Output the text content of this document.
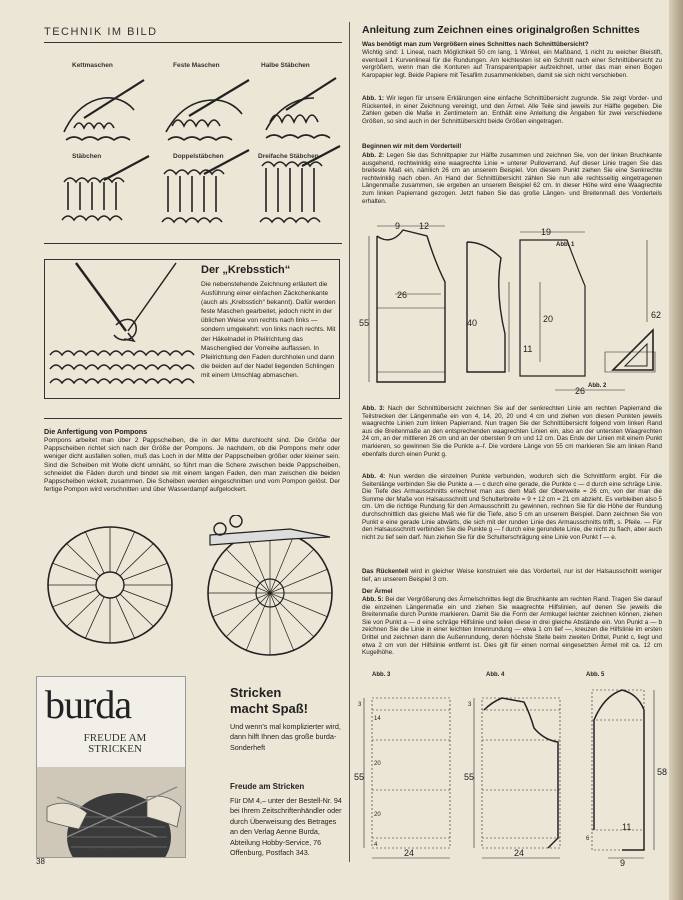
TECHNIK IM BILD
Kettmaschen	Feste Maschen	Halbe Stäbchen
Stäbchen	Doppelstäbchen	Dreifache Stäbchen
Der „Krebsstich“
Die nebenstehende Zeichnung erläutert die Ausführung einer einfachen Zäckchenkante (auch als „Krebsstich“ bekannt). Dafür werden feste Maschen gearbeitet, jedoch nicht in der üblichen Weise von rechts nach links — sondern umgekehrt: von links nach rechts. Mit der Häkelnadel in Pfeilrichtung das Maschenglied der Vorreihe auffassen. In Pfeilrichtung den Faden durchholen und dann die beiden auf der Nadel liegenden Schlingen mit einem Umschlag abmaschen.
Die Anfertigung von Pompons
Pompons arbeitet man über 2 Pappscheiben, die in der Mitte durchlocht sind. Die Größe der Pappscheiben richtet sich nach der Größe der Pompons. Je nachdem, ob die Pompons mehr oder weniger dicht ausfallen sollen, muß das Loch in der Mitte der Pappscheiben größer oder kleiner sein. Sind die Scheiben mit Wolle dicht umnäht, so führt man die Schere zwischen beide Pappscheiben, schneidet die Fäden durch und bindet sie mit einem langen Faden, den man zwischen die beiden Pappscheiben wickelt, zusammen. Die Scheiben werden eingeschnitten und vom Pompon gelöst. Der fertige Pompon wird verschnitten und über Wasserdampf aufgelockert.
burda
FREUDE AM
STRICKEN
Burda-Sonderheft Nr. 94 · DM 4,–
Stricken
macht Spaß!
Und wenn's mal komplizierter wird, dann hilft Ihnen das große burda-Sonderheft
Freude am Stricken
Für DM 4,– unter der Bestell-Nr. 94 bei Ihrem Zeitschriftenhändler oder durch Überweisung des Betrages an den Verlag Aenne Burda, Abteilung Hobby-Service, 76 Offenburg, Postfach 343.
38
Anleitung zum Zeichnen eines originalgroßen Schnittes
Was benötigt man zum Vergrößern eines Schnittes nach Schnittübersicht?
Wichtig sind: 1 Lineal, nach Möglichkeit 50 cm lang, 1 Winkel, ein Maßband, 1 nicht zu weicher Bleistift, eventuell 1 Kurvenlineal für die Rundungen. Am leichtesten ist ein Schnitt nach einer Schnittübersicht zu vergrößern, wenn man die Konturen auf Transparentpapier aufzeichnet, unter das man einen Bogen Karopapier legt. Beide Papiere mit Tesafilm zusammenkleben, damit sie sich nicht verschieben.
Abb. 1: Wir legen für unsere Erklärungen eine einfache Schnittübersicht zugrunde. Sie zeigt Vorder- und Rückenteil, in einer Zeichnung vereinigt, und den Ärmel. Alle Teile sind jeweils zur Hälfte gegeben. Die Zahlen geben die Maße in Zentimetern an. Enthält eine Anleitung die Angaben für zwei verschiedene Größen, so sind auch in der Schnittübersicht beide Größen eingetragen.
Beginnen wir mit dem Vorderteil!
Abb. 2: Legen Sie das Schnittpapier zur Hälfte zusammen und zeichnen Sie, von der linken Bruchkante ausgehend, rechtwinklig eine waagrechte Linie = unterer Pulloverrand. Auf dieser Linie tragen Sie das breiteste Maß ein, nämlich 26 cm an unserem Beispiel. Von diesem Punkt ziehen Sie eine Senkrechte rechtwinklig nach oben. An Hand der Schnittübersicht zählen Sie nun alle rechtsseitig eingetragenen Längenmaße zusammen, sie ergeben an unserem Beispiel 62 cm. In dieser Höhe wird eine Waagrechte zum linken Papierrand gezogen. Jetzt haben Sie das große Längen- und Breitenmaß des Vorderteils erhalten.
9 12
26
55
19
40
62
11
26
20
Abb. 1
Abb. 2
Abb. 3: Nach der Schnittübersicht zeichnen Sie auf der senkrechten Linie am rechten Papierrand die Teilstrecken der Längenmaße ein von 4, 14, 20, 20 und 4 cm und ziehen von diesen Punkten jeweils waagrechte Linien zum linken Papierrand. Nun tragen Sie der Schnittübersicht folgend vom linken Rand aus die Breitenmaße an den entsprechenden waagrechten Linien ein, also an der untersten Waagrechten 24 cm, an der mittleren 26 cm und an der obersten 9 cm und 12 cm. Das Ende der Linien mit einem Punkt markieren, so gewinnen Sie die Punkte a–f. Die vordere Länge von 55 cm markieren Sie am linken Rand ebenfalls durch einen Punkt g.
Abb. 4: Nun werden die einzelnen Punkte verbunden, wodurch sich die Schnittform ergibt. Für die Seitenlänge verbinden Sie die Punkte a — c durch eine gerade, die Punkte c — d durch eine schräge Linie. Die Tiefe des Armausschnitts errechnet man aus dem Maß der Oberweite = 26 cm, von der man die Summe der Maße von Halsausschnitt und Schulterbreite = 9 + 12 cm = 21 cm abzieht. Es verbleiben also 5 cm. Um die richtige Rundung für den Armausschnitt zu gewinnen, rechnen Sie für die Höhe der Rundung durchschnittlich das gleiche Maß wie für die Tiefe, also 5 cm an unserem Beispiel. Dann zeichnen Sie von Punkt e eine gerade Linie abwärts, die sich mit der runden Linie des Armausschnitts trifft, s. Pfeile. — Für den Halsausschnitt verbinden Sie die Punkte g — f durch eine gerundete Linie, die nicht zu flach, aber auch nicht zu tief sein darf. Nun ziehen Sie für die Schulterschrägung eine Linie von Punkt f — e.
Das Rückenteil wird in gleicher Weise konstruiert wie das Vorderteil, nur ist der Halsausschnitt weniger tief, an unserem Beispiel 3 cm.
Der Ärmel
Abb. 5: Bei der Vergrößerung des Ärmelschnittes liegt die Bruchkante am rechten Rand. Tragen Sie darauf die einzelnen Längenmaße ein und ziehen Sie waagrechte Hilfslinien, auf denen Sie jeweils die Breitenmaße durch Punkte markieren. Damit Sie die Form der Armkugel leichter zeichnen können, ziehen Sie von Punkt a — d eine schräge Hilfslinie und teilen diese in drei gleiche Abstände ein. Von Punkt a — b zeichnen Sie die Linie in einer leichten Innenrundung — etwa 1 cm tief —, kreuzen die Hilfslinie im ersten Drittel und zeichnen dann die Außenrundung, deren höchste Stelle beim zweiten Drittel, Punkt c, liegt und etwa 2 cm von der Hilfslinie entfernt ist. Dies gilt für einen normal eingesetzten Ärmel mit ca. 12 cm Kugelhöhe.
Abb. 3	Abb. 4	Abb. 5
24	24
9
55	55	58
11
14
20
20
4
3	3
6
